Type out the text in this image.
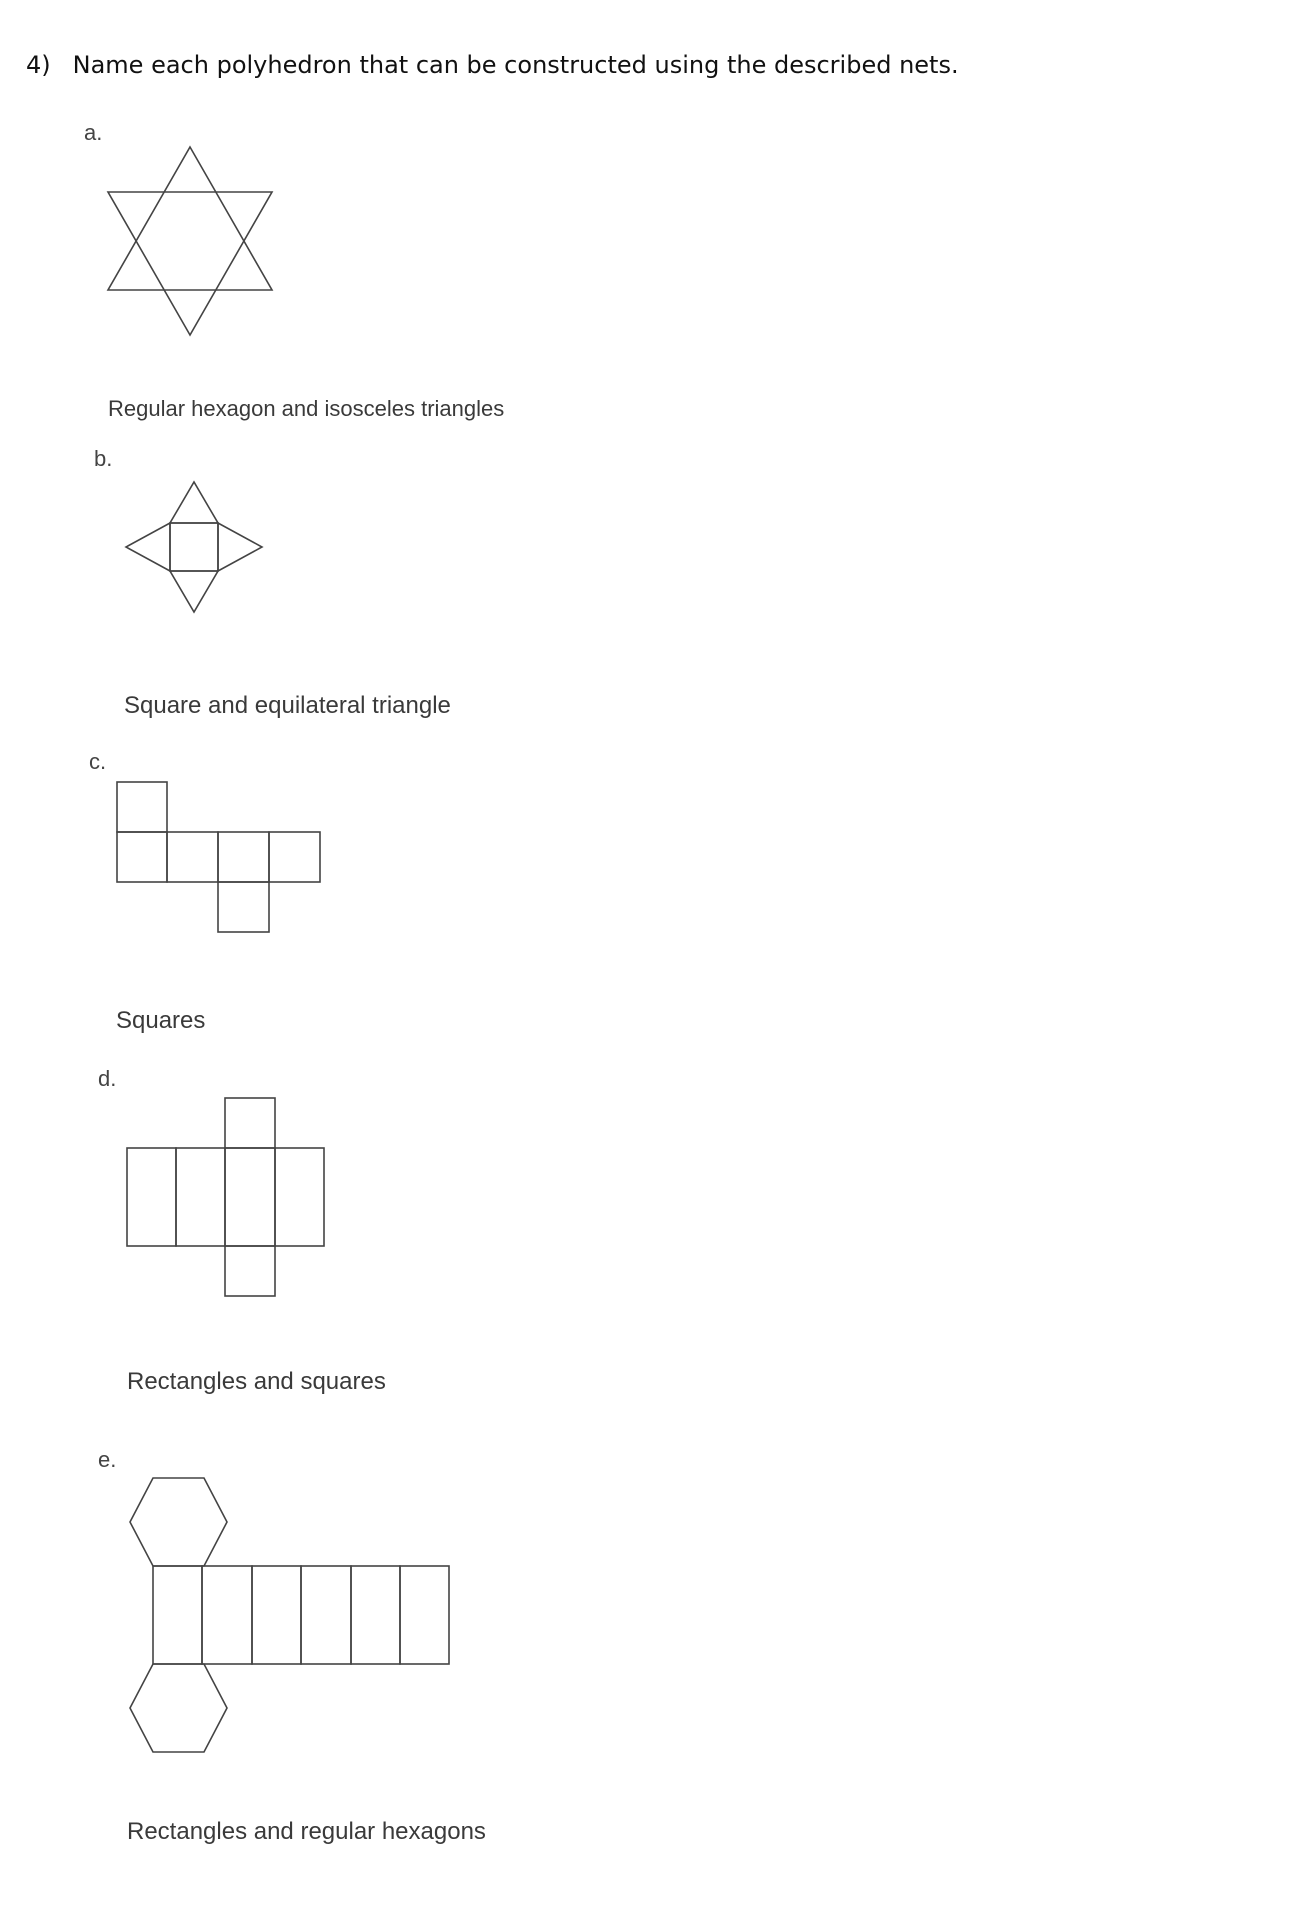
4) Name each polyhedron that can be constructed using the described nets.
a.
Regular hexagon and isosceles triangles
b.
Square and equilateral triangle
c.
Squares
d.
Rectangles and squares
e.
Rectangles and regular hexagons
